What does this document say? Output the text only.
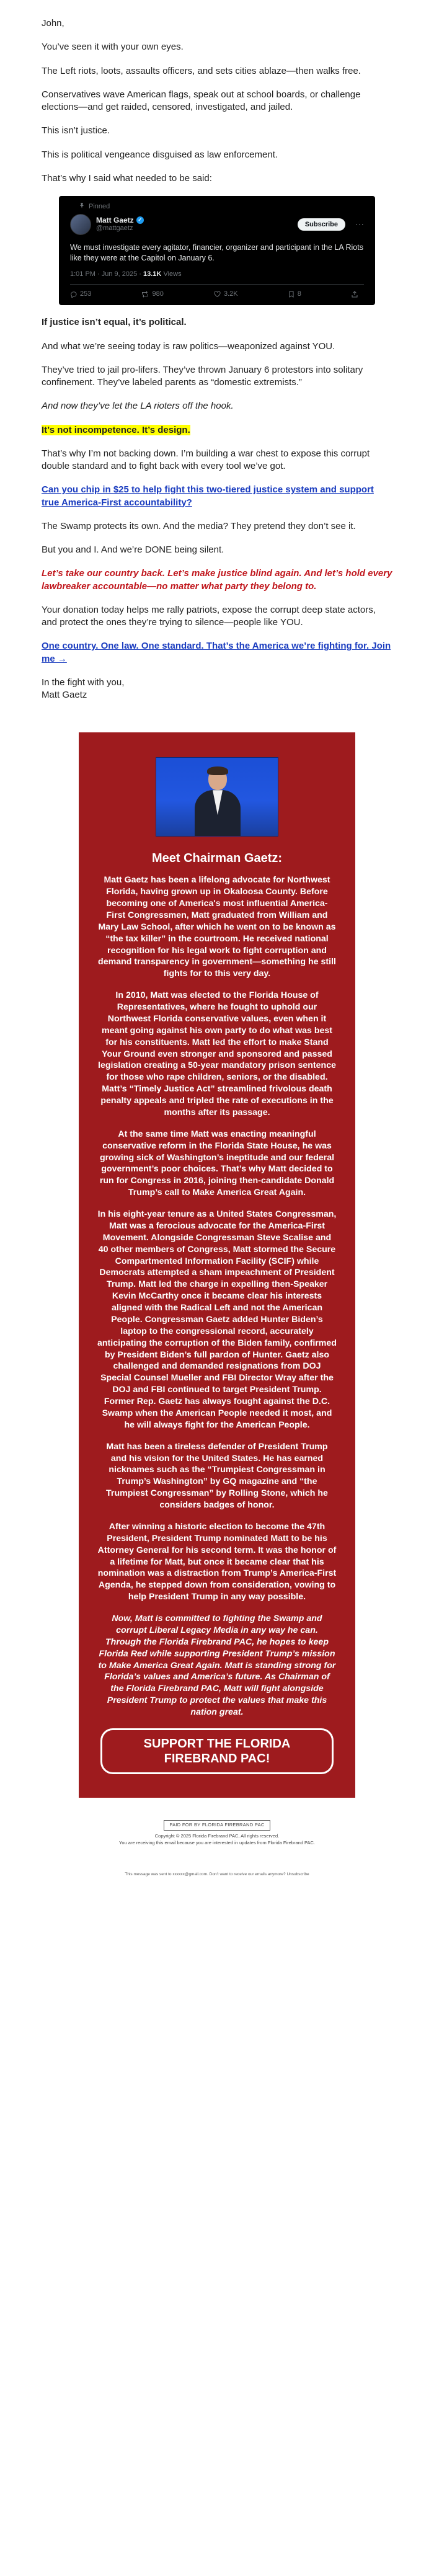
John,

You’ve seen it with your own eyes.

The Left riots, loots, assaults officers, and sets cities ablaze—then walks free.

Conservatives wave American flags, speak out at school boards, or challenge elections—and get raided, censored, investigated, and jailed.

This isn’t justice.

This is political vengeance disguised as law enforcement.

That’s why I said what needed to be said:

Pinned
Matt Gaetz ✓
@mattgaetz
Subscribe	···
We must investigate every agitator, financier, organizer and participant in the LA Riots like they were at the Capitol on January 6.
1:01 PM · Jun 9, 2025 · 13.1K Views
253	980	3.2K	8

If justice isn’t equal, it’s political.

And what we’re seeing today is raw politics—weaponized against YOU.

They’ve tried to jail pro-lifers. They’ve thrown January 6 protestors into solitary confinement. They’ve labeled parents as “domestic extremists.”

And now they’ve let the LA rioters off the hook.

It’s not incompetence. It’s design.

That’s why I’m not backing down. I’m building a war chest to expose this corrupt double standard and to fight back with every tool we’ve got.

Can you chip in $25 to help fight this two-tiered justice system and support true America-First accountability?

The Swamp protects its own. And the media? They pretend they don’t see it.

But you and I. And we’re DONE being silent.

Let’s take our country back. Let’s make justice blind again. And let’s hold every lawbreaker accountable—no matter what party they belong to.

Your donation today helps me rally patriots, expose the corrupt deep state actors, and protect the ones they’re trying to silence—people like YOU.

One country. One law. One standard. That’s the America we’re fighting for. Join me →

In the fight with you,
Matt Gaetz

Meet Chairman Gaetz:

Matt Gaetz has been a lifelong advocate for Northwest Florida, having grown up in Okaloosa County. Before becoming one of America's most influential America-First Congressmen, Matt graduated from William and Mary Law School, after which he went on to be known as “the tax killer” in the courtroom. He received national recognition for his legal work to fight corruption and demand transparency in government—something he still fights for to this very day.

In 2010, Matt was elected to the Florida House of Representatives, where he fought to uphold our Northwest Florida conservative values, even when it meant going against his own party to do what was best for his constituents. Matt led the effort to make Stand Your Ground even stronger and sponsored and passed legislation creating a 50-year mandatory prison sentence for those who rape children, seniors, or the disabled. Matt’s “Timely Justice Act” streamlined frivolous death penalty appeals and tripled the rate of executions in the months after its passage.

At the same time Matt was enacting meaningful conservative reform in the Florida State House, he was growing sick of Washington’s ineptitude and our federal government’s poor choices. That’s why Matt decided to run for Congress in 2016, joining then-candidate Donald Trump’s call to Make America Great Again.

In his eight-year tenure as a United States Congressman, Matt was a ferocious advocate for the America-First Movement. Alongside Congressman Steve Scalise and 40 other members of Congress, Matt stormed the Secure Compartmented Information Facility (SCIF) while Democrats attempted a sham impeachment of President Trump. Matt led the charge in expelling then-Speaker Kevin McCarthy once it became clear his interests aligned with the Radical Left and not the American People. Congressman Gaetz added Hunter Biden’s laptop to the congressional record, accurately anticipating the corruption of the Biden family, confirmed by President Biden’s full pardon of Hunter. Gaetz also challenged and demanded resignations from DOJ Special Counsel Mueller and FBI Director Wray after the DOJ and FBI continued to target President Trump. Former Rep. Gaetz has always fought against the D.C. Swamp when the American People needed it most, and he will always fight for the American People.

Matt has been a tireless defender of President Trump and his vision for the United States. He has earned nicknames such as the “Trumpiest Congressman in Trump’s Washington” by GQ magazine and “the Trumpiest Congressman” by Rolling Stone, which he considers badges of honor.

After winning a historic election to become the 47th President, President Trump nominated Matt to be his Attorney General for his second term. It was the honor of a lifetime for Matt, but once it became clear that his nomination was a distraction from Trump’s America-First Agenda, he stepped down from consideration, vowing to help President Trump in any way possible.

Now, Matt is committed to fighting the Swamp and corrupt Liberal Legacy Media in any way he can. Through the Florida Firebrand PAC, he hopes to keep Florida Red while supporting President Trump’s mission to Make America Great Again. Matt is standing strong for Florida’s values and America’s future. As Chairman of the Florida Firebrand PAC, Matt will fight alongside President Trump to protect the values that make this nation great.

SUPPORT THE FLORIDA FIREBRAND PAC!
PAID FOR BY FLORIDA FIREBRAND PAC
Copyright © 2025 Florida Firebrand PAC, All rights reserved.
You are receiving this email because you are interested in updates from Florida Firebrand PAC.
This message was sent to xxxxxx@gmail.com. Don't want to receive our emails anymore? Unsubscribe
